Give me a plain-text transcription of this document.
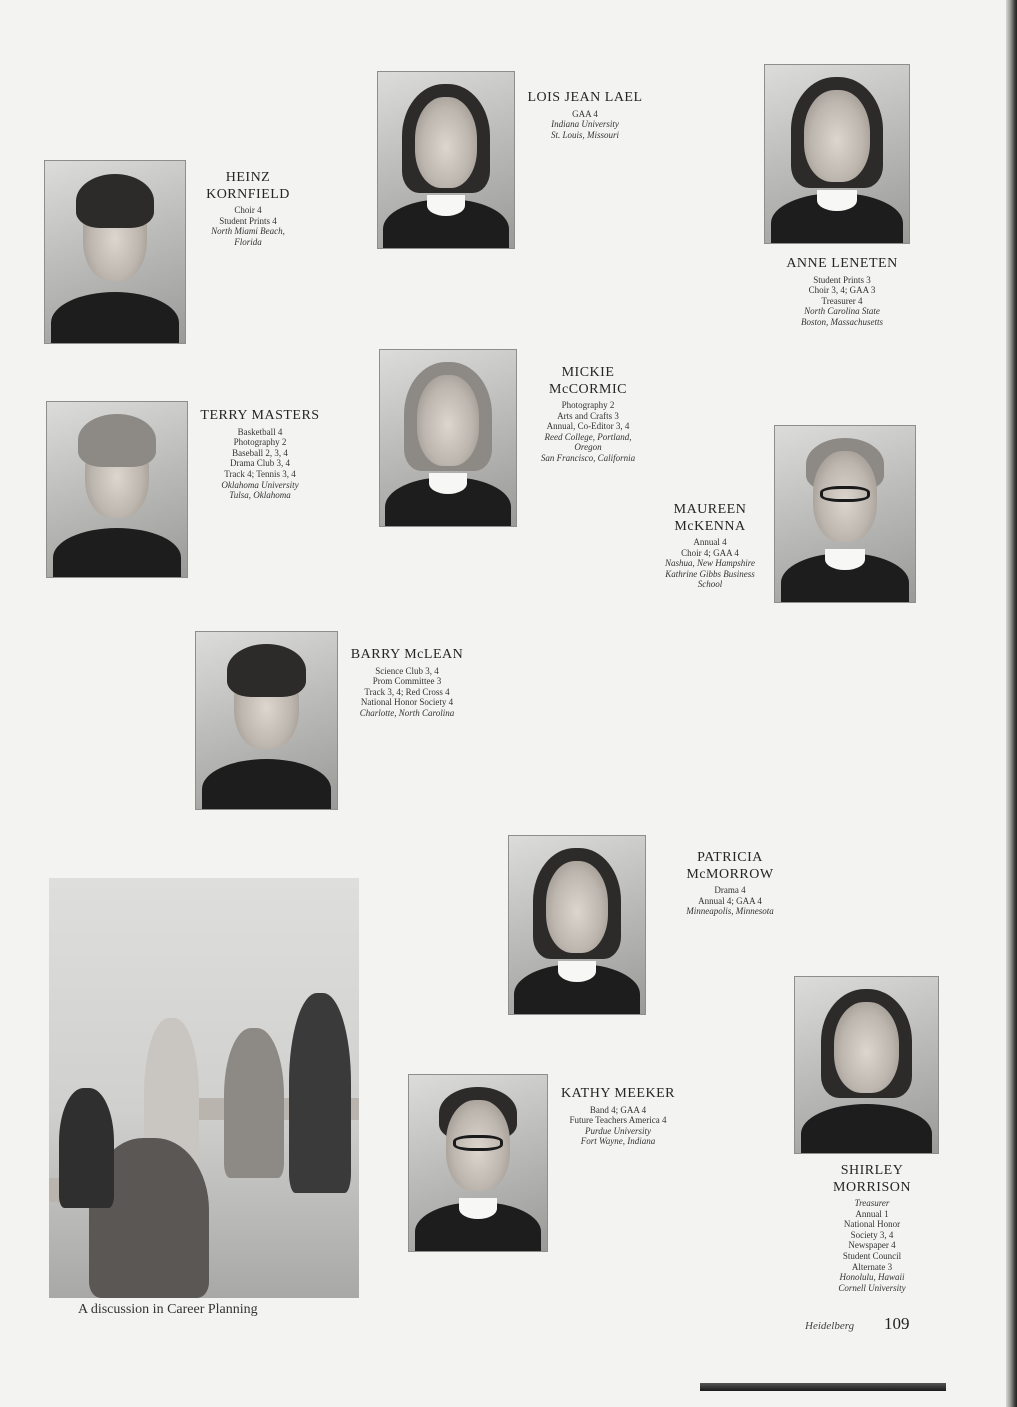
HEINZ
KORNFIELD
Choir 4
Student Prints 4
North Miami Beach,
Florida
LOIS JEAN LAEL
GAA 4
Indiana University
St. Louis, Missouri
ANNE LENETEN
Student Prints 3
Choir 3, 4; GAA 3
Treasurer 4
North Carolina State
Boston, Massachusetts
TERRY MASTERS
Basketball 4
Photography 2
Baseball 2, 3, 4
Drama Club 3, 4
Track 4; Tennis 3, 4
Oklahoma University
Tulsa, Oklahoma
MICKIE
McCORMIC
Photography 2
Arts and Crafts 3
Annual, Co-Editor 3, 4
Reed College, Portland,
Oregon
San Francisco, California
MAUREEN
McKENNA
Annual 4
Choir 4; GAA 4
Nashua, New Hampshire
Kathrine Gibbs Business
School
BARRY McLEAN
Science Club 3, 4
Prom Committee 3
Track 3, 4; Red Cross 4
National Honor Society 4
Charlotte, North Carolina
PATRICIA
McMORROW
Drama 4
Annual 4; GAA 4
Minneapolis, Minnesota
KATHY MEEKER
Band 4; GAA 4
Future Teachers America 4
Purdue University
Fort Wayne, Indiana
SHIRLEY
MORRISON
Treasurer
Annual 1
National Honor
Society 3, 4
Newspaper 4
Student Council
Alternate 3
Honolulu, Hawaii
Cornell University
A discussion in Career Planning
Heidelberg 109
